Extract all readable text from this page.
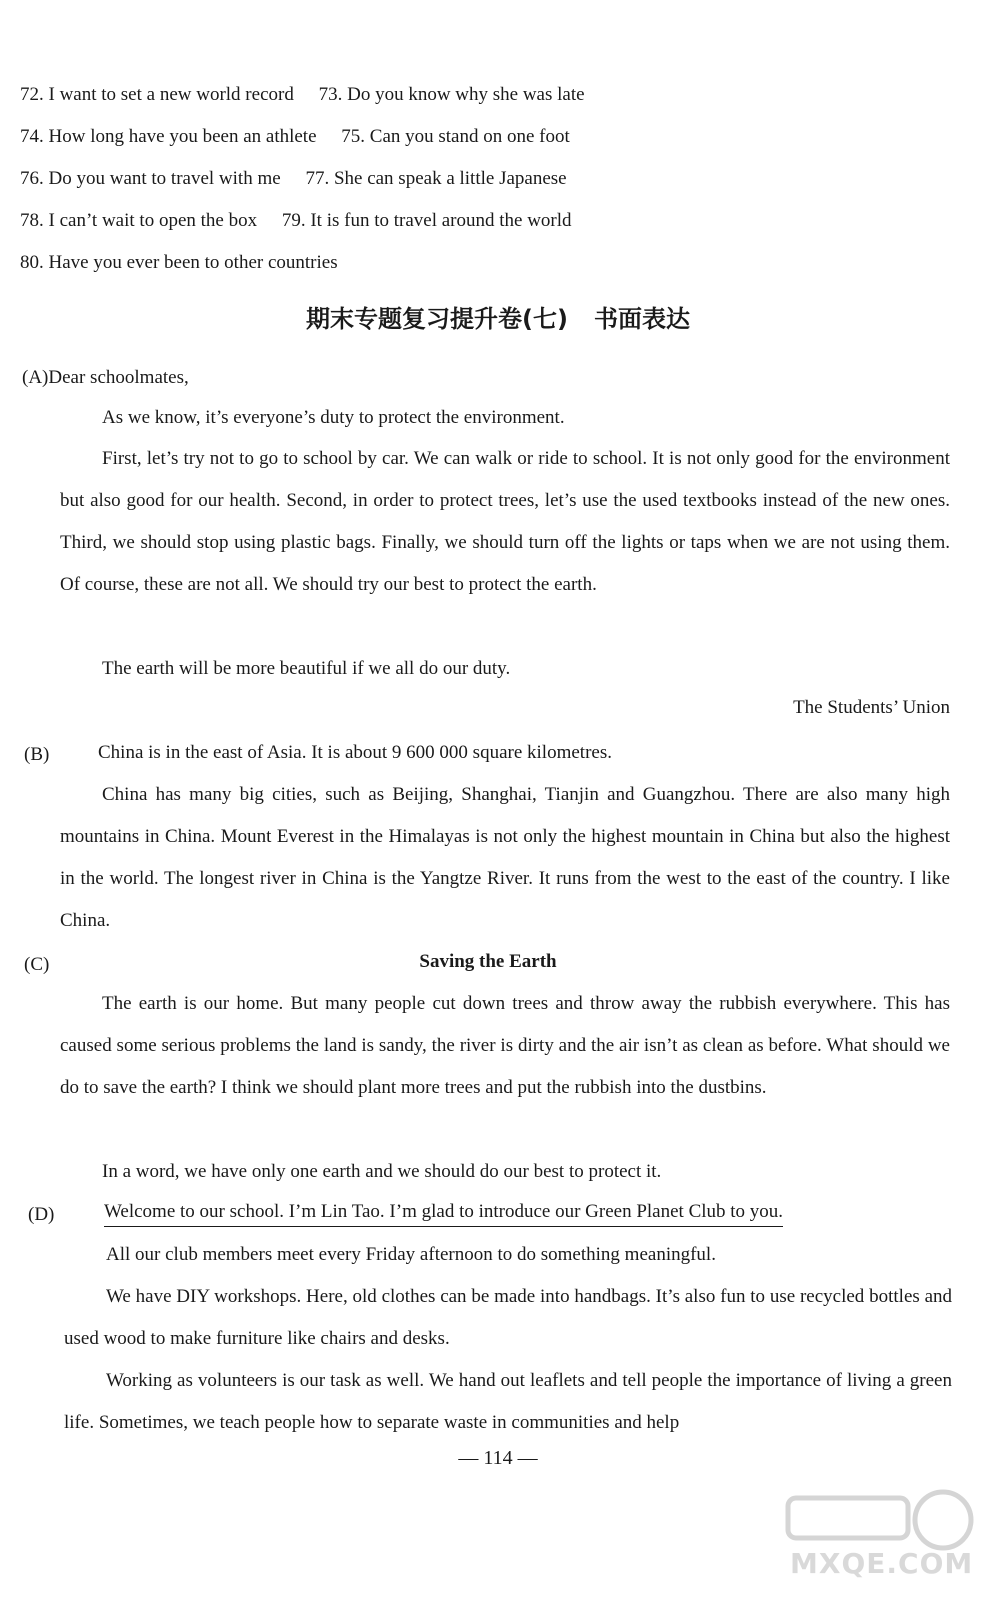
72. I want to set a new world record 73. Do you know why she was late
74. How long have you been an athlete 75. Can you stand on one foot
76. Do you want to travel with me 77. She can speak a little Japanese
78. I can’t wait to open the box 79. It is fun to travel around the world
80. Have you ever been to other countries
期末专题复习提升卷(七) 书面表达
(A)Dear schoolmates,

As we know, it’s everyone’s duty to protect the environment.

First, let’s try not to go to school by car. We can walk or ride to school. It is not only good for the environment but also good for our health. Second, in order to protect trees, let’s use the used textbooks instead of the new ones. Third, we should stop using plastic bags. Finally, we should turn off the lights or taps when we are not using them. Of course, these are not all. We should try our best to protect the earth.

The earth will be more beautiful if we all do our duty.

The Students’ Union
(B)	China is in the east of Asia. It is about 9 600 000 square kilometres.

China has many big cities, such as Beijing, Shanghai, Tianjin and Guangzhou. There are also many high mountains in China. Mount Everest in the Himalayas is not only the highest mountain in China but also the highest in the world. The longest river in China is the Yangtze River. It runs from the west to the east of the country. I like China.

(C)	Saving the Earth

The earth is our home. But many people cut down trees and throw away the rubbish everywhere. This has caused some serious problems the land is sandy, the river is dirty and the air isn’t as clean as before. What should we do to save the earth? I think we should plant more trees and put the rubbish into the dustbins.

In a word, we have only one earth and we should do our best to protect it.

(D)	Welcome to our school. I’m Lin Tao. I’m glad to introduce our Green Planet Club to you.

All our club members meet every Friday afternoon to do something meaningful.

We have DIY workshops. Here, old clothes can be made into handbags. It’s also fun to use recycled bottles and used wood to make furniture like chairs and desks.

Working as volunteers is our task as well. We hand out leaflets and tell people the importance of living a green life. Sometimes, we teach people how to separate waste in communities and help

— 114 —
MXQE.COM
